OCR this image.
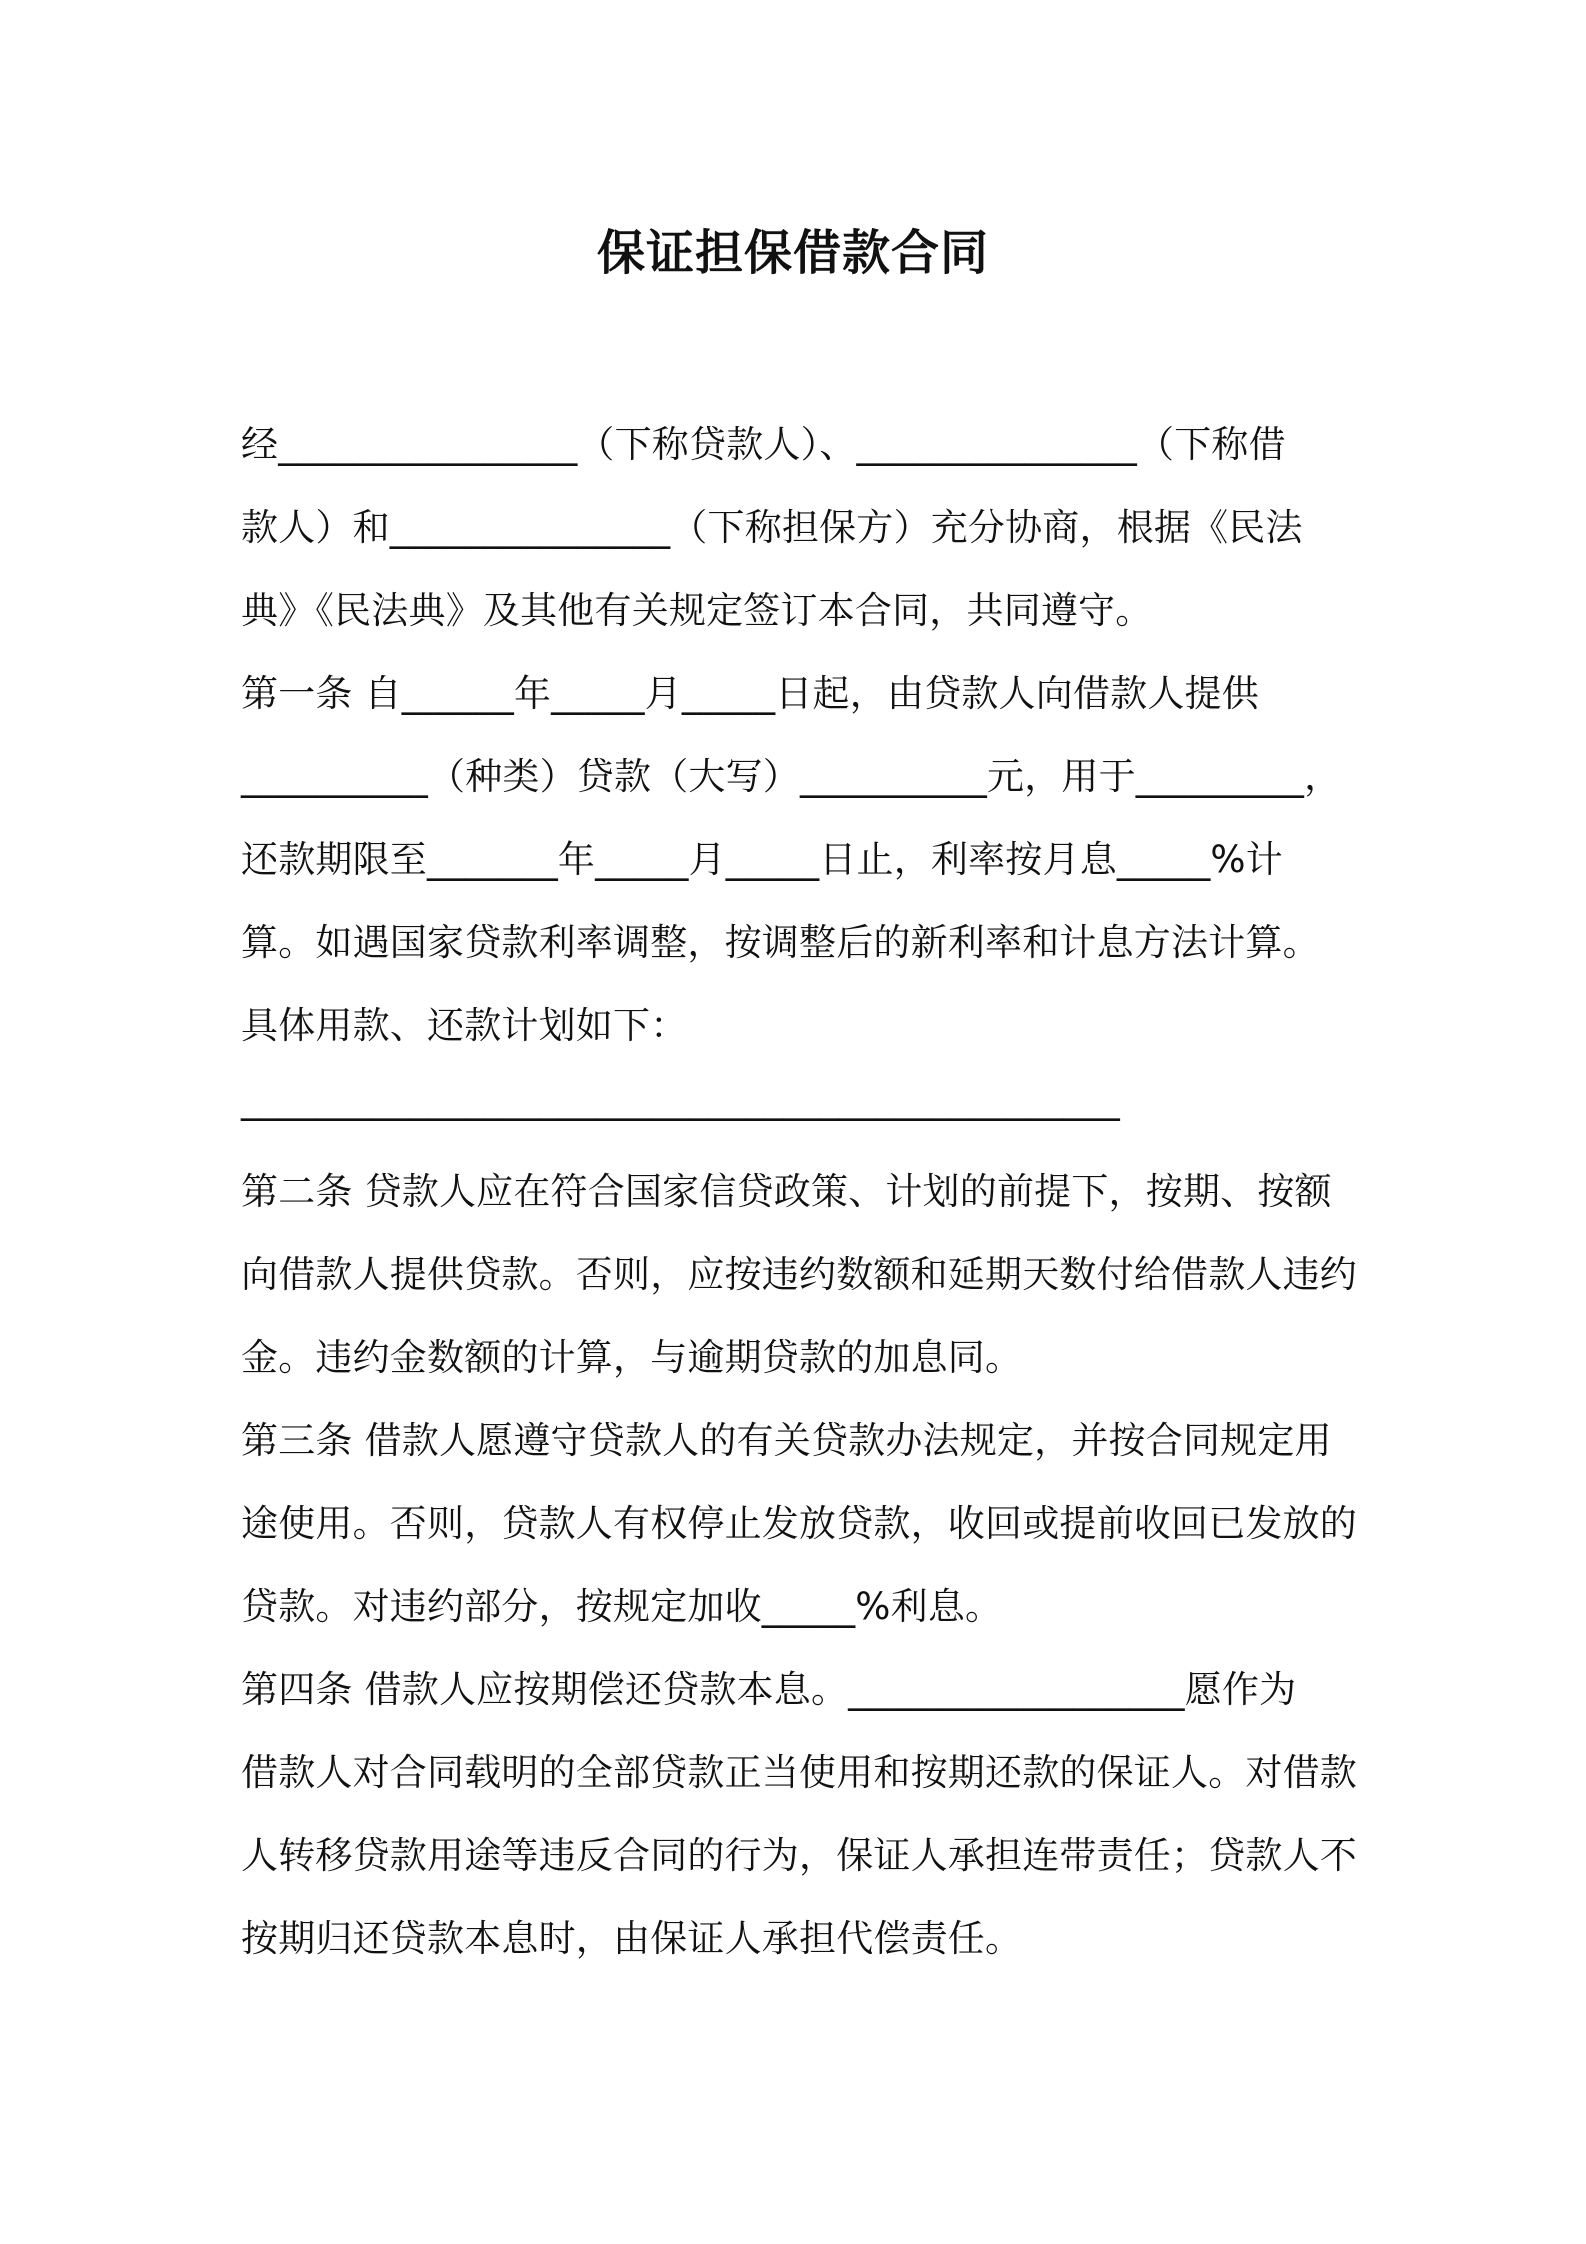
保证担保借款合同
经________________（下称贷款人）、_______________（下称借
款人）和_______________（下称担保方）充分协商，根据《民法
典》《民法典》及其他有关规定签订本合同，共同遵守。
第一条 自______年_____月_____日起，由贷款人向借款人提供
__________（种类）贷款（大写）__________元，用于_________，
还款期限至_______年_____月_____日止，利率按月息_____%计
算。如遇国家贷款利率调整，按调整后的新利率和计息方法计算。
具体用款、还款计划如下：
_______________________________________________
第二条 贷款人应在符合国家信贷政策、计划的前提下，按期、按额
向借款人提供贷款。否则，应按违约数额和延期天数付给借款人违约
金。违约金数额的计算，与逾期贷款的加息同。
第三条 借款人愿遵守贷款人的有关贷款办法规定，并按合同规定用
途使用。否则，贷款人有权停止发放贷款，收回或提前收回已发放的
贷款。对违约部分，按规定加收_____%利息。
第四条 借款人应按期偿还贷款本息。__________________愿作为
借款人对合同载明的全部贷款正当使用和按期还款的保证人。对借款
人转移贷款用途等违反合同的行为，保证人承担连带责任；贷款人不
按期归还贷款本息时，由保证人承担代偿责任。
